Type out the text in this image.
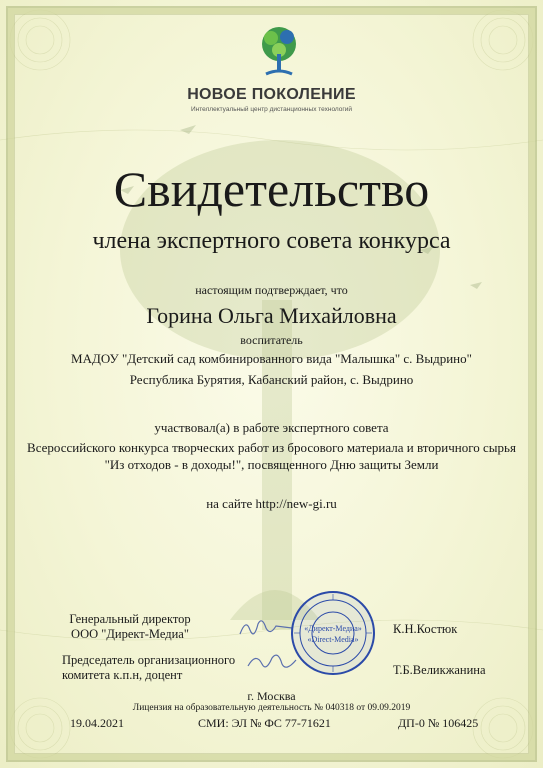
НОВОЕ ПОКОЛЕНИЕ
Интеллектуальный центр дистанционных технологий
Свидетельство
члена экспертного совета конкурса
настоящим подтверждает, что
Горина Ольга Михайловна
воспитатель
МАДОУ "Детский сад комбинированного вида "Малышка" с. Выдрино"
Республика Бурятия, Кабанский район, с. Выдрино
участвовал(а) в работе экспертного совета
Всероссийского конкурса творческих работ из бросового материала и вторичного сырья
"Из отходов - в доходы!", посвященного Дню защиты Земли
на сайте http://new-gi.ru
Генеральный директор
ООО "Директ-Медиа"
Председатель организационного
комитета к.п.н, доцент
«Директ-Медиа»
«Direct-Media»
К.Н.Костюк
Т.Б.Великжанина
г. Москва
Лицензия на образовательную деятельность № 040318 от 09.09.2019
19.04.2021	СМИ: ЭЛ № ФС 77-71621	ДП-0 № 106425
